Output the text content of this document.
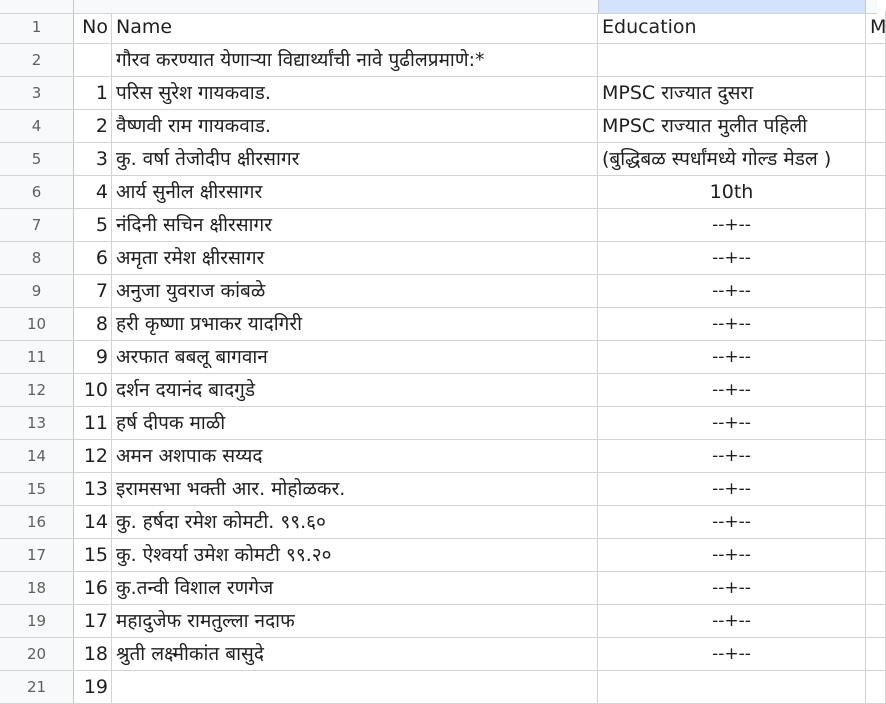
1	No Name	Education	M
2	गौरव करण्यात येणाऱ्या विद्यार्थ्यांची नावे पुढीलप्रमाणे:*
3	1 परिस सुरेश गायकवाड.	MPSC राज्यात दुसरा
4	2 वैष्णवी राम गायकवाड.	MPSC राज्यात मुलीत पहिली
5	3 कु. वर्षा तेजोदीप क्षीरसागर	(बुद्धिबळ स्पर्धांमध्ये गोल्ड मेडल )
6	4 आर्य सुनील क्षीरसागर	10th
7	5 नंदिनी सचिन क्षीरसागर	--+--
8	6 अमृता रमेश क्षीरसागर	--+--
9	7 अनुजा युवराज कांबळे	--+--
10	8 हरी कृष्णा प्रभाकर यादगिरी	--+--
11	9 अरफात बबलू बागवान	--+--
12	10 दर्शन दयानंद बादगुडे	--+--
13	11 हर्ष दीपक माळी	--+--
14	12 अमन अशपाक सय्यद	--+--
15	13 इरामसभा भक्ती आर. मोहोळकर.	--+--
16	14 कु. हर्षदा रमेश कोमटी. ९९.६०	--+--
17	15 कु. ऐश्वर्या उमेश कोमटी ९९.२०	--+--
18	16 कु.तन्वी विशाल रणगेज	--+--
19	17 महादुजेफ रामतुल्ला नदाफ	--+--
20	18 श्रुती लक्ष्मीकांत बासुदे	--+--
21	19
